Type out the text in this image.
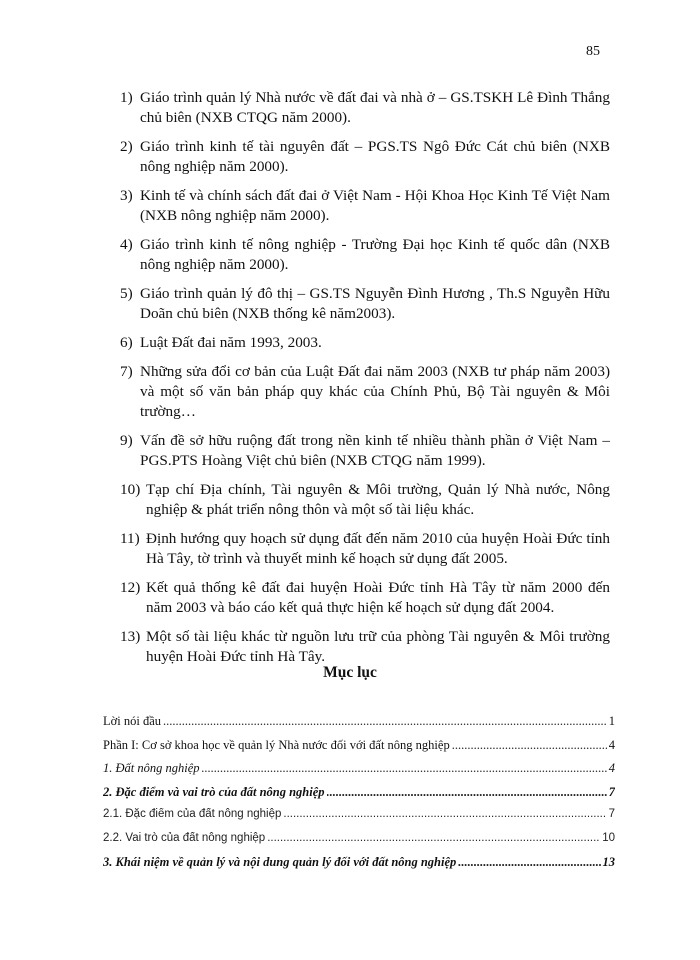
85
1) Giáo trình quản lý Nhà nước về đất đai và nhà ở – GS.TSKH Lê Đình Thắng chủ biên (NXB CTQG năm 2000).
2) Giáo trình kinh tế tài nguyên đất – PGS.TS Ngô Đức Cát chủ biên (NXB nông nghiệp năm 2000).
3) Kinh tế và chính sách đất đai ở Việt Nam - Hội Khoa Học Kinh Tế Việt Nam (NXB nông nghiệp năm 2000).
4) Giáo trình kinh tế nông nghiệp - Trường Đại học Kinh tế quốc dân (NXB nông nghiệp năm 2000).
5) Giáo trình quản lý đô thị – GS.TS Nguyễn Đình Hương , Th.S Nguyễn Hữu Doãn chủ biên (NXB thống kê năm2003).
6) Luật Đất đai năm 1993, 2003.
7) Những sửa đổi cơ bản của Luật Đất đai năm 2003 (NXB tư pháp năm 2003) và một số văn bản pháp quy khác của Chính Phủ, Bộ Tài nguyên & Môi trường…
9) Vấn đề sở hữu ruộng đất trong nền kinh tế nhiều thành phần ở Việt Nam – PGS.PTS Hoàng Việt chủ biên (NXB CTQG năm 1999).
10) Tạp chí Địa chính, Tài nguyên & Môi trường, Quản lý Nhà nước, Nông nghiệp & phát triển nông thôn và một số tài liệu khác.
11) Định hướng quy hoạch sử dụng đất đến năm 2010 của huyện Hoài Đức tỉnh Hà Tây, tờ trình và thuyết minh kế hoạch sử dụng đất 2005.
12) Kết quả thống kê đất đai huyện Hoài Đức tỉnh Hà Tây từ năm 2000 đến năm 2003 và báo cáo kết quả thực hiện kế hoạch sử dụng đất 2004.
13) Một số tài liệu khác từ nguồn lưu trữ của phòng Tài nguyên & Môi trường huyện Hoài Đức tỉnh Hà Tây.
Mục lục
Lời nói đầu .....	1
Phần I: Cơ sở khoa học về quản lý Nhà nước đối với đất nông nghiệp .....	4
1. Đất nông nghiệp .....	4
2. Đặc điểm và vai trò của đất nông nghiệp .....	7
2.1. Đặc điểm của đất nông nghiệp .....	7
2.2. Vai trò của đất nông nghiệp .....	10
3. Khái niệm về quản lý và nội dung quản lý đối với đất nông nghiệp .....	13
